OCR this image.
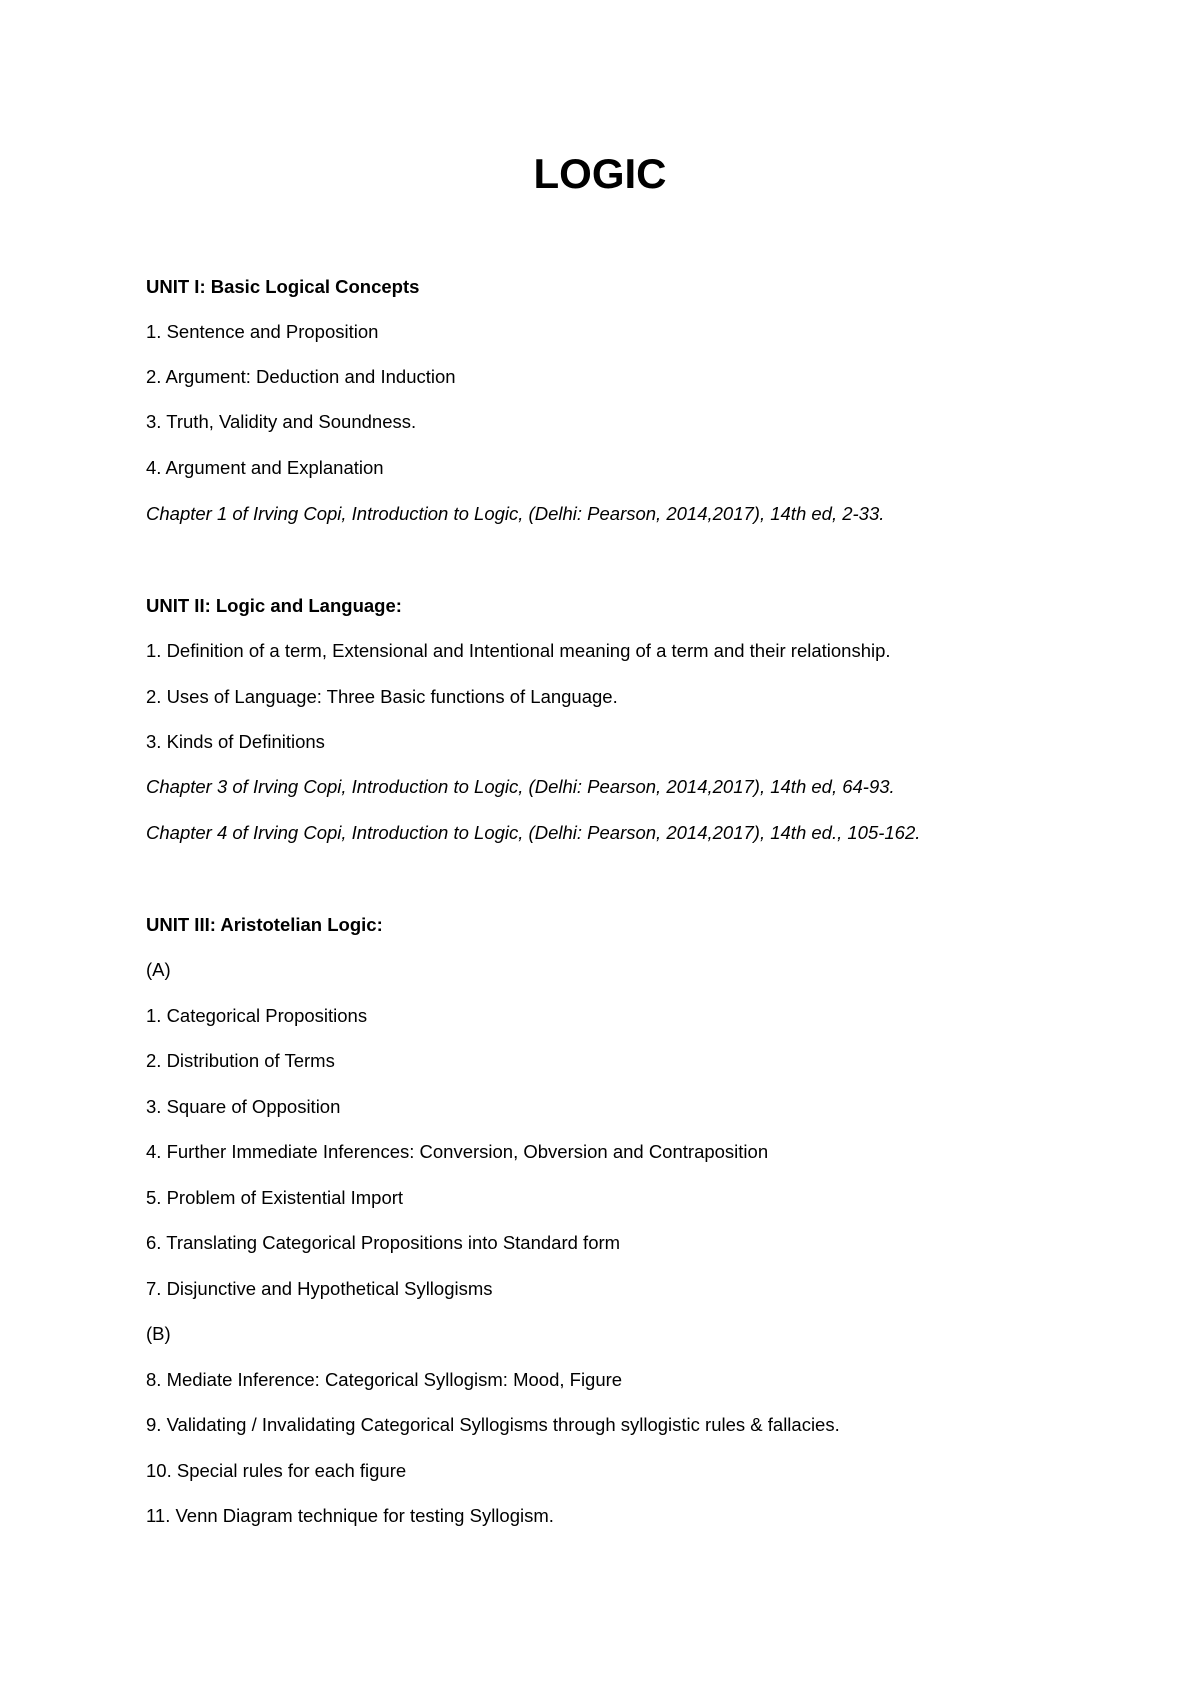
LOGIC

UNIT I: Basic Logical Concepts

1. Sentence and Proposition

2. Argument: Deduction and Induction

3. Truth, Validity and Soundness.

4. Argument and Explanation

Chapter 1 of Irving Copi, Introduction to Logic, (Delhi: Pearson, 2014,2017), 14th ed, 2-33.

UNIT II: Logic and Language:

1. Definition of a term, Extensional and Intentional meaning of a term and their relationship.

2. Uses of Language: Three Basic functions of Language.

3. Kinds of Definitions

Chapter 3 of Irving Copi, Introduction to Logic, (Delhi: Pearson, 2014,2017), 14th ed, 64-93.

Chapter 4 of Irving Copi, Introduction to Logic, (Delhi: Pearson, 2014,2017), 14th ed., 105-162.

UNIT III: Aristotelian Logic:

(A)

1. Categorical Propositions

2. Distribution of Terms

3. Square of Opposition

4. Further Immediate Inferences: Conversion, Obversion and Contraposition

5. Problem of Existential Import

6. Translating Categorical Propositions into Standard form

7. Disjunctive and Hypothetical Syllogisms

(B)

8. Mediate Inference: Categorical Syllogism: Mood, Figure

9. Validating / Invalidating Categorical Syllogisms through syllogistic rules & fallacies.

10. Special rules for each figure

11. Venn Diagram technique for testing Syllogism.
